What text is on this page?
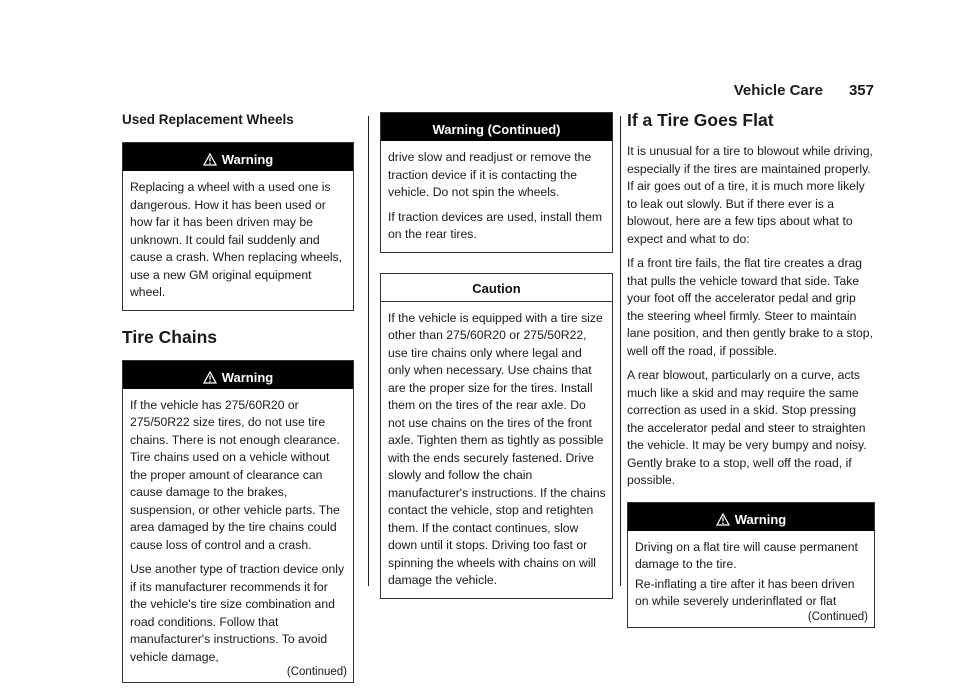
Vehicle Care 357
Used Replacement Wheels
Warning

Replacing a wheel with a used one is dangerous. How it has been used or how far it has been driven may be unknown. It could fail suddenly and cause a crash. When replacing wheels, use a new GM original equipment wheel.

Tire Chains
Warning

If the vehicle has 275/60R20 or 275/50R22 size tires, do not use tire chains. There is not enough clearance. Tire chains used on a vehicle without the proper amount of clearance can cause damage to the brakes, suspension, or other vehicle parts. The area damaged by the tire chains could cause loss of control and a crash.

Use another type of traction device only if its manufacturer recommends it for the vehicle's tire size combination and road conditions. Follow that manufacturer's instructions. To avoid vehicle damage,

(Continued)
Warning (Continued)

drive slow and readjust or remove the traction device if it is contacting the vehicle. Do not spin the wheels.

If traction devices are used, install them on the rear tires.

Caution

If the vehicle is equipped with a tire size other than 275/60R20 or 275/50R22, use tire chains only where legal and only when necessary. Use chains that are the proper size for the tires. Install them on the tires of the rear axle. Do not use chains on the tires of the front axle. Tighten them as tightly as possible with the ends securely fastened. Drive slowly and follow the chain manufacturer's instructions. If the chains contact the vehicle, stop and retighten them. If the contact continues, slow down until it stops. Driving too fast or spinning the wheels with chains on will damage the vehicle.

If a Tire Goes Flat

It is unusual for a tire to blowout while driving, especially if the tires are maintained properly. If air goes out of a tire, it is much more likely to leak out slowly. But if there ever is a blowout, here are a few tips about what to expect and what to do:

If a front tire fails, the flat tire creates a drag that pulls the vehicle toward that side. Take your foot off the accelerator pedal and grip the steering wheel firmly. Steer to maintain lane position, and then gently brake to a stop, well off the road, if possible.

A rear blowout, particularly on a curve, acts much like a skid and may require the same correction as used in a skid. Stop pressing the accelerator pedal and steer to straighten the vehicle. It may be very bumpy and noisy. Gently brake to a stop, well off the road, if possible.

Warning

Driving on a flat tire will cause permanent damage to the tire.

Re-inflating a tire after it has been driven on while severely underinflated or flat

(Continued)
